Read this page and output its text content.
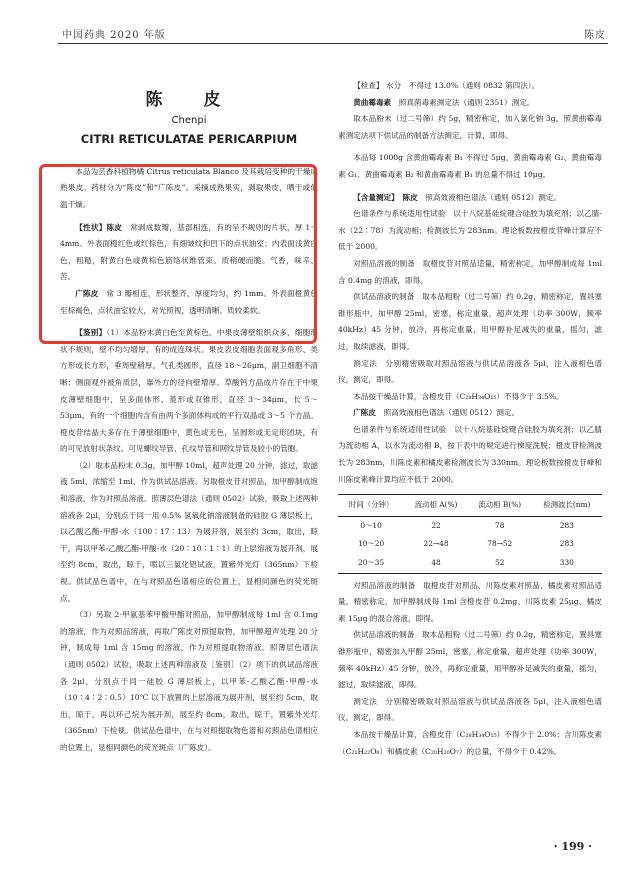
中国药典 2020 年版	陈皮
陈　皮
Chenpi
CITRI RETICULATAE PERICARPIUM

本品为芸香科植物橘 Citrus reticulata Blanco 及其栽培变种的干燥成熟果皮。药材分为“陈皮”和“广陈皮”。采摘成熟果实，剥取果皮，晒干或低温干燥。

【性状】陈皮　 常剥成数瓣，基部相连，有的呈不规则的片状，厚 1～4mm。外表面橙红色或红棕色，有细皱纹和凹下的点状油室；内表面浅黄白色，粗糙，附黄白色或黄棕色筋络状维管束。质稍硬而脆。气香，味辛、苦。

广陈皮　 常 3 瓣相连，形状整齐，厚度均匀，约 1mm。外表面橙黄色至棕褐色，点状油室较大，对光照视，透明清晰。质较柔软。

【鉴别】（1）本品粉末黄白色至黄棕色。中果皮薄壁组织众多，细胞形状不规则，壁不均匀增厚，有的成连珠状。果皮表皮细胞表面观多角形、类方形或长方形，垂周壁稍厚，气孔类圆形，直径 18～26μm，副卫细胞不清晰；侧面观外被角质层，靠外方的径向壁增厚。草酸钙方晶成片存在于中果皮薄壁细胞中，呈多面体形、菱形或双锥形，直径 3～34μm，长 5～53μm，有的一个细胞内含有由两个多面体构成的平行双晶或 3～5 个方晶。橙皮苷结晶大多存在于薄壁细胞中，黄色或无色，呈圆形或无定形团块，有的可见放射状条纹。可见螺纹导管、孔纹导管和网纹导管及较小的管胞。

（2）取本品粉末 0.3g，加甲醇 10ml，超声处理 20 分钟，滤过，取滤液 5ml，浓缩至 1ml，作为供试品溶液。另取橙皮苷对照品，加甲醇制成饱和溶液，作为对照品溶液。照薄层色谱法（通则 0502）试验，吸取上述两种溶液各 2μl，分别点于同一用 0.5% 氢氧化钠溶液制备的硅胶 G 薄层板上，以乙酸乙酯-甲醇-水（100∶17∶13）为展开剂，展至约 3cm，取出，晾干，再以甲苯-乙酸乙酯-甲酸-水（20∶10∶1∶1）的上层溶液为展开剂，展至约 8cm，取出，晾干，喷以三氯化铝试液，置紫外光灯（365nm）下检视。供试品色谱中，在与对照品色谱相应的位置上，显相同颜色的荧光斑点。

（3）另取 2-甲氨基苯甲酸甲酯对照品，加甲醇制成每 1ml 含 0.1mg 的溶液，作为对照品溶液，再取广陈皮对照提取物，加甲醇超声处理 20 分钟，制成每 1ml 含 15mg 的溶液，作为对照提取物溶液。照薄层色谱法（通则 0502）试验，吸取上述两种溶液及［鉴别］（2）项下的供试品溶液各 2μl，分别点于同一硅胶 G 薄层板上，以甲苯-乙酸乙酯-甲醇-水（10∶4∶2∶0.5）10℃ 以下放置的上层溶液为展开剂，展至约 5cm，取出，晾干，再以环己烷为展开剂，展至约 8cm，取出，晾干，置紫外光灯（365nm）下检视。供试品色谱中，在与对照提取物色谱和对照品色谱相应的位置上，显相同颜色的荧光斑点（广陈皮）。

【检查】 水分　不得过 13.0%（通则 0832 第四法）。

黄曲霉毒素　 照真菌毒素测定法（通则 2351）测定。

取本品粉末（过二号筛）约 5g，精密称定，加入氯化钠 3g，照黄曲霉毒素测定法项下供试品的制备方法测定，计算，即得。

本品每 1000g 含黄曲霉毒素 B₁ 不得过 5μg，黄曲霉毒素 G₂、黄曲霉毒素 G₁、黄曲霉毒素 B₂ 和黄曲霉毒素 B₁ 的总量不得过 10μg。

【含量测定】　 陈皮　 照高效液相色谱法（通则 0512）测定。

色谱条件与系统适用性试验　以十八烷基硅烷键合硅胶为填充剂；以乙腈-水（22∶78）为流动相；检测波长为 283nm。理论板数按橙皮苷峰计算应不低于 2000。

对照品溶液的制备　取橙皮苷对照品适量，精密称定，加甲醇制成每 1ml 含 0.4mg 的溶液，即得。

供试品溶液的制备　取本品粗粉（过二号筛）约 0.2g，精密称定，置具塞锥形瓶中，加甲醇 25ml，密塞，称定重量，超声处理（功率 300W，频率 40kHz）45 分钟，放冷，再称定重量，用甲醇补足减失的重量，摇匀，滤过，取续滤液，即得。

测定法　分别精密吸取对照品溶液与供试品溶液各 5μl，注入液相色谱仪，测定，即得。

本品按干燥品计算，含橙皮苷（C₂₈H₃₄O₁₅）不得少于 3.5%。

广陈皮　 照高效液相色谱法（通则 0512）测定。

色谱条件与系统适用性试验　以十八烷基硅烷键合硅胶为填充剂；以乙腈为流动相 A，以水为流动相 B，按下表中的规定进行梯度洗脱；橙皮苷检测波长为 283nm，川陈皮素和橘皮素检测波长为 330nm。理论板数按橙皮苷峰和川陈皮素峰计算均应不低于 2000。

时间（分钟）	流动相 A(%)	流动相 B(%)	检测波长(nm)
0～10	22	78	283
10～20	22→48	78→52	283
20～35	48	52	330

对照品溶液的制备　取橙皮苷对照品、川陈皮素对照品、橘皮素对照品适量，精密称定，加甲醇制成每 1ml 含橙皮苷 0.2mg、川陈皮素 25μg、橘皮素 15μg 的混合溶液，即得。

供试品溶液的制备　取本品粗粉（过二号筛）约 0.2g，精密称定，置具塞锥形瓶中，精密加入甲醇 25ml，密塞，称定重量，超声处理（功率 300W，频率 40kHz）45 分钟，放冷，再称定重量，用甲醇补足减失的重量，摇匀，滤过，取续滤液，即得。

测定法　分别精密吸取对照品溶液与供试品溶液各 5μl，注入液相色谱仪，测定，即得。

本品按干燥品计算，含橙皮苷（C₂₈H₃₄O₁₅）不得少于 2.0%；含川陈皮素（C₂₁H₂₂O₈）和橘皮素（C₂₀H₂₀O₇）的总量，不得少于 0.42%。

· 199 ·
